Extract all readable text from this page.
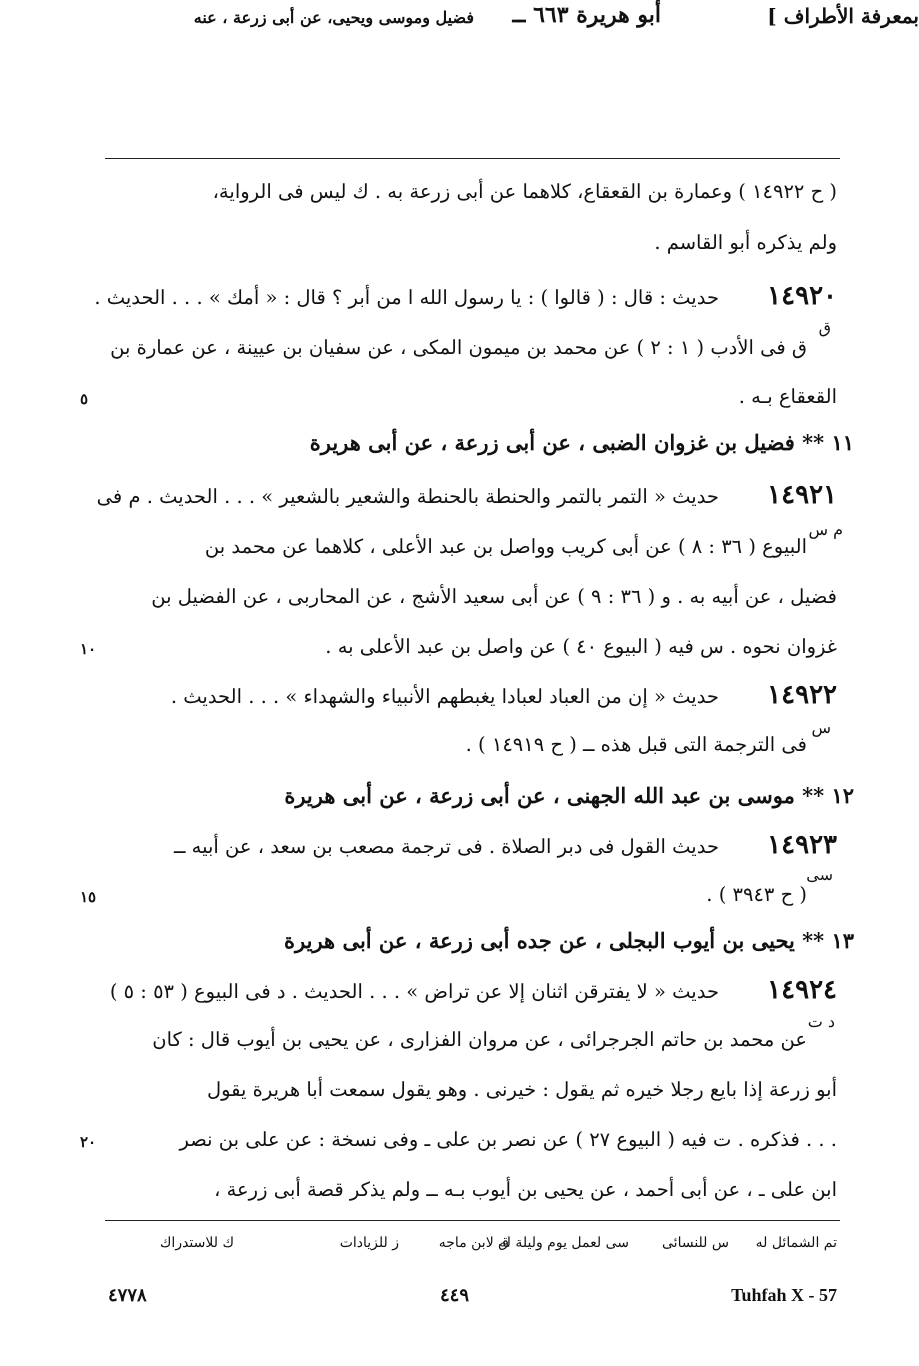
بمعرفة الأطراف ]
أبو هريرة ٦٦٣ ــ
فضيل وموسى ويحيى، عن أبى زرعة ، عنه
( ح ١٤٩٢٢ ) وعمارة بن القعقاع، كلاهما عن أبى زرعة به . ك ليس فى الرواية،
ولم يذكره أبو القاسم .
١٤٩٢٠
حديث : قال : ( قالوا ) : يا رسول الله ا من أبر ؟ قال : « أمك » . . . الحديث .
ق
ق فى الأدب ( ١ : ٢ ) عن محمد بن ميمون المكى ، عن سفيان بن عيينة ، عن عمارة بن
القعقاع بـه .
٥
١١ ** فضيل بن غزوان الضبى ، عن أبى زرعة ، عن أبى هريرة
١٤٩٢١
حديث « التمر بالتمر والحنطة بالحنطة والشعير بالشعير » . . . الحديث . م فى
م س
البيوع ( ٣٦ : ٨ ) عن أبى كريب وواصل بن عبد الأعلى ، كلاهما عن محمد بن
فضيل ، عن أبيه به . و ( ٣٦ : ٩ ) عن أبى سعيد الأشج ، عن المحاربى ، عن الفضيل بن
غزوان نحوه . س فيه ( البيوع ٤٠ ) عن واصل بن عبد الأعلى به .
١٠
١٤٩٢٢
حديث « إن من العباد لعبادا يغبطهم الأنبياء والشهداء » . . . الحديث .
س
فى الترجمة التى قبل هذه ــ ( ح ١٤٩١٩ ) .
١٢ ** موسى بن عبد الله الجهنى ، عن أبى زرعة ، عن أبى هريرة
١٤٩٢٣
حديث القول فى دبر الصلاة . فى ترجمة مصعب بن سعد ، عن أبيه ــ
سى
( ح ٣٩٤٣ ) .
١٥
١٣ ** يحيى بن أيوب البجلى ، عن جده أبى زرعة ، عن أبى هريرة
١٤٩٢٤
حديث « لا يفترقن اثنان إلا عن تراض » . . . الحديث . د فى البيوع ( ٥٣ : ٥ )
د ت
عن محمد بن حاتم الجرجرائى ، عن مروان الفزارى ، عن يحيى بن أيوب قال : كان
أبو زرعة إذا بايع رجلا خيره ثم يقول : خيرنى . وهو يقول سمعت أبا هريرة يقول
. . . فذكره . ت فيه ( البيوع ٢٧ ) عن نصر بن على ـ وفى نسخة : عن على بن نصر
٢٠
ابن على ـ ، عن أبى أحمد ، عن يحيى بن أيوب بـه ــ ولم يذكر قصة أبى زرعة ،
تم الشمائل له
س للنسائى
سى لعمل يوم وليلة له
ق لابن ماجه
ز للزيادات
ك للاستدراك
Tuhfah X - 57
٤٤٩
٤٧٧٨
